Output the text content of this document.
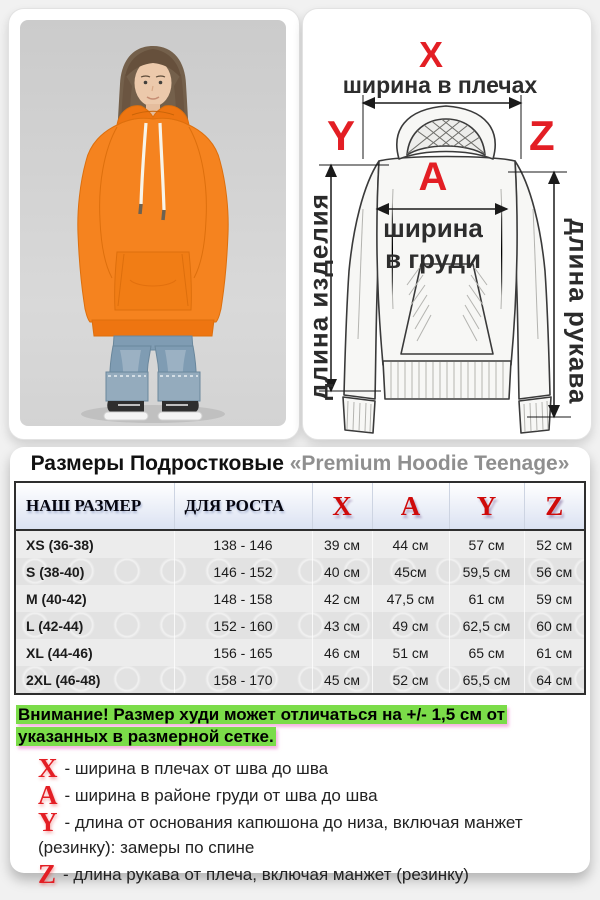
X
ширина в плечах
Y
длина изделия
Z
длина рукава
A
ширина
в груди
Размеры Подростковые «Premium Hoodie Teenage»
НАШ РАЗМЕР	ДЛЯ РОСТА	X	A	Y	Z
XS (36-38)	138 - 146	39 см	44 см	57 см	52 см
S (38-40)	146 - 152	40 см	45см	59,5 см	56 см
M (40-42)	148 - 158	42 см	47,5 см	61 см	59 см
L (42-44)	152 - 160	43 см	49 см	62,5 см	60 см
XL (44-46)	156 - 165	46 см	51 см	65 см	61 см
2XL (46-48)	158 - 170	45 см	52 см	65,5 см	64 см
Внимание! Размер худи может отличаться на +/- 1,5 см от
указанных в размерной сетке.
X - ширина в плечах от шва до шва
A - ширина в районе груди от шва до шва
Y - длина от основания капюшона до низа, включая манжет
(резинку): замеры по спине
Z - длина рукава от плеча, включая манжет (резинку)
